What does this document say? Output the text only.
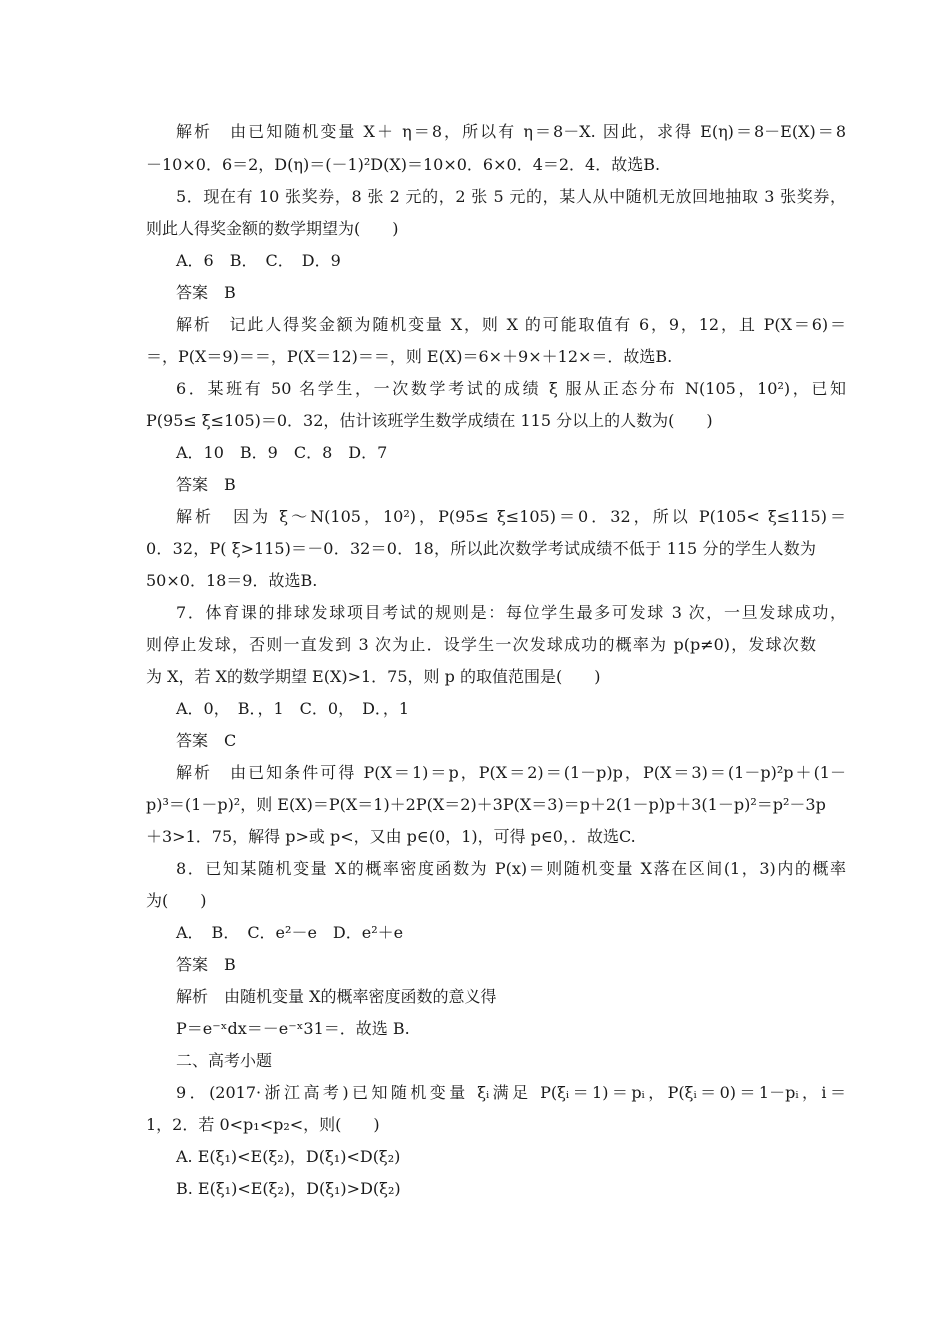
解析　由已知随机变量 X＋ η＝8，所以有 η＝8－X. 因此，求得 E(η)＝8－E(X)＝8
－10×0．6＝2，D(η)＝(－1)²D(X)＝10×0．6×0．4＝2．4．故选B.
5．现在有 10 张奖券，8 张 2 元的，2 张 5 元的，某人从中随机无放回地抽取 3 张奖券，
则此人得奖金额的数学期望为(　　)
A．6　B．　C．　D．9
答案　B
解析　记此人得奖金额为随机变量 X，则 X 的可能取值有 6，9，12，且 P(X＝6)＝
＝，P(X＝9)＝＝，P(X＝12)＝＝，则 E(X)＝6×＋9×＋12×＝．故选B.
6．某班有 50 名学生，一次数学考试的成绩 ξ 服从正态分布 N(105，10²)，已知
P(95≤ ξ≤105)＝0．32，估计该班学生数学成绩在 115 分以上的人数为(　　)
A．10　B．9　C．8　D．7
答案　B
解析　因为 ξ～N(105，10²)，P(95≤ ξ≤105)＝0．32，所以 P(105< ξ≤115)＝
0．32，P( ξ>115)＝－0．32＝0．18，所以此次数学考试成绩不低于 115 分的学生人数为
50×0．18＝9．故选B.
7．体育课的排球发球项目考试的规则是：每位学生最多可发球 3 次，一旦发球成功，
则停止发球，否则一直发到 3 次为止．设学生一次发球成功的概率为 p(p≠0)，发球次数
为 X，若 X的数学期望 E(X)>1．75，则 p 的取值范围是(　　)
A．0，　B．，1　C．0，　D．，1
答案　C
解析　由已知条件可得 P(X＝1)＝p，P(X＝2)＝(1－p)p，P(X＝3)＝(1－p)²p＋(1－
p)³＝(1－p)²，则 E(X)＝P(X＝1)＋2P(X＝2)＋3P(X＝3)＝p＋2(1－p)p＋3(1－p)²＝p²－3p
＋3>1．75，解得 p>或 p<，又由 p∈(0，1)，可得 p∈0，．故选C.
8．已知某随机变量 X的概率密度函数为 P(x)＝则随机变量 X落在区间(1，3)内的概率
为(　　)
A．　B．　C．e²－e　D．e²＋e
答案　B
解析　由随机变量 X的概率密度函数的意义得
P＝e⁻ˣdx＝－e⁻ˣ31＝．故选 B.
二、高考小题
9．(2017·浙江高考)已知随机变量 ξᵢ满足 P(ξᵢ＝1)＝pᵢ，P(ξᵢ＝0)＝1－pᵢ，i＝
1，2．若 0<p₁<p₂<，则(　　)
A. E(ξ₁)<E(ξ₂)，D(ξ₁)<D(ξ₂)
B. E(ξ₁)<E(ξ₂)，D(ξ₁)>D(ξ₂)
